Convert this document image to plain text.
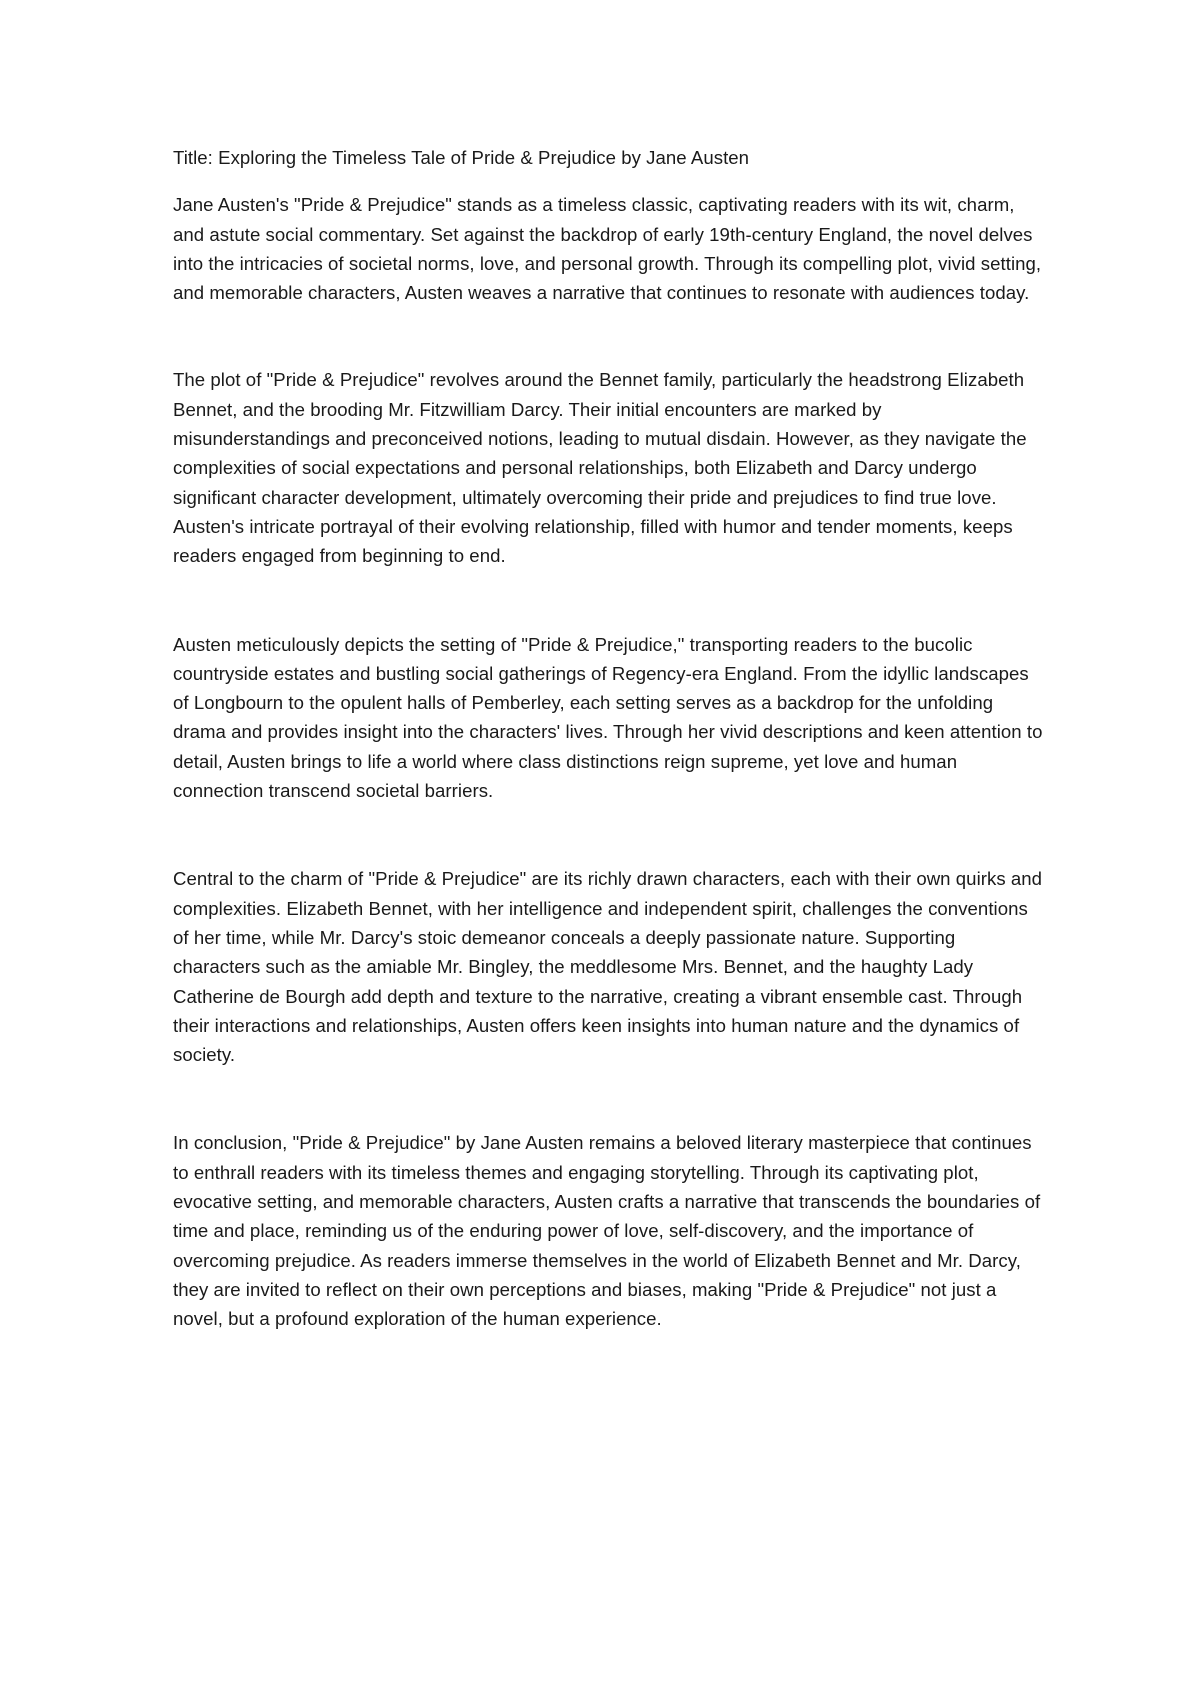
Title: Exploring the Timeless Tale of Pride & Prejudice by Jane Austen

Jane Austen's "Pride & Prejudice" stands as a timeless classic, captivating readers with its wit, charm, and astute social commentary. Set against the backdrop of early 19th-century England, the novel delves into the intricacies of societal norms, love, and personal growth. Through its compelling plot, vivid setting, and memorable characters, Austen weaves a narrative that continues to resonate with audiences today.

The plot of "Pride & Prejudice" revolves around the Bennet family, particularly the headstrong Elizabeth Bennet, and the brooding Mr. Fitzwilliam Darcy. Their initial encounters are marked by misunderstandings and preconceived notions, leading to mutual disdain. However, as they navigate the complexities of social expectations and personal relationships, both Elizabeth and Darcy undergo significant character development, ultimately overcoming their pride and prejudices to find true love. Austen's intricate portrayal of their evolving relationship, filled with humor and tender moments, keeps readers engaged from beginning to end.

Austen meticulously depicts the setting of "Pride & Prejudice," transporting readers to the bucolic countryside estates and bustling social gatherings of Regency-era England. From the idyllic landscapes of Longbourn to the opulent halls of Pemberley, each setting serves as a backdrop for the unfolding drama and provides insight into the characters' lives. Through her vivid descriptions and keen attention to detail, Austen brings to life a world where class distinctions reign supreme, yet love and human connection transcend societal barriers.

Central to the charm of "Pride & Prejudice" are its richly drawn characters, each with their own quirks and complexities. Elizabeth Bennet, with her intelligence and independent spirit, challenges the conventions of her time, while Mr. Darcy's stoic demeanor conceals a deeply passionate nature. Supporting characters such as the amiable Mr. Bingley, the meddlesome Mrs. Bennet, and the haughty Lady Catherine de Bourgh add depth and texture to the narrative, creating a vibrant ensemble cast. Through their interactions and relationships, Austen offers keen insights into human nature and the dynamics of society.

In conclusion, "Pride & Prejudice" by Jane Austen remains a beloved literary masterpiece that continues to enthrall readers with its timeless themes and engaging storytelling. Through its captivating plot, evocative setting, and memorable characters, Austen crafts a narrative that transcends the boundaries of time and place, reminding us of the enduring power of love, self-discovery, and the importance of overcoming prejudice. As readers immerse themselves in the world of Elizabeth Bennet and Mr. Darcy, they are invited to reflect on their own perceptions and biases, making "Pride & Prejudice" not just a novel, but a profound exploration of the human experience.
